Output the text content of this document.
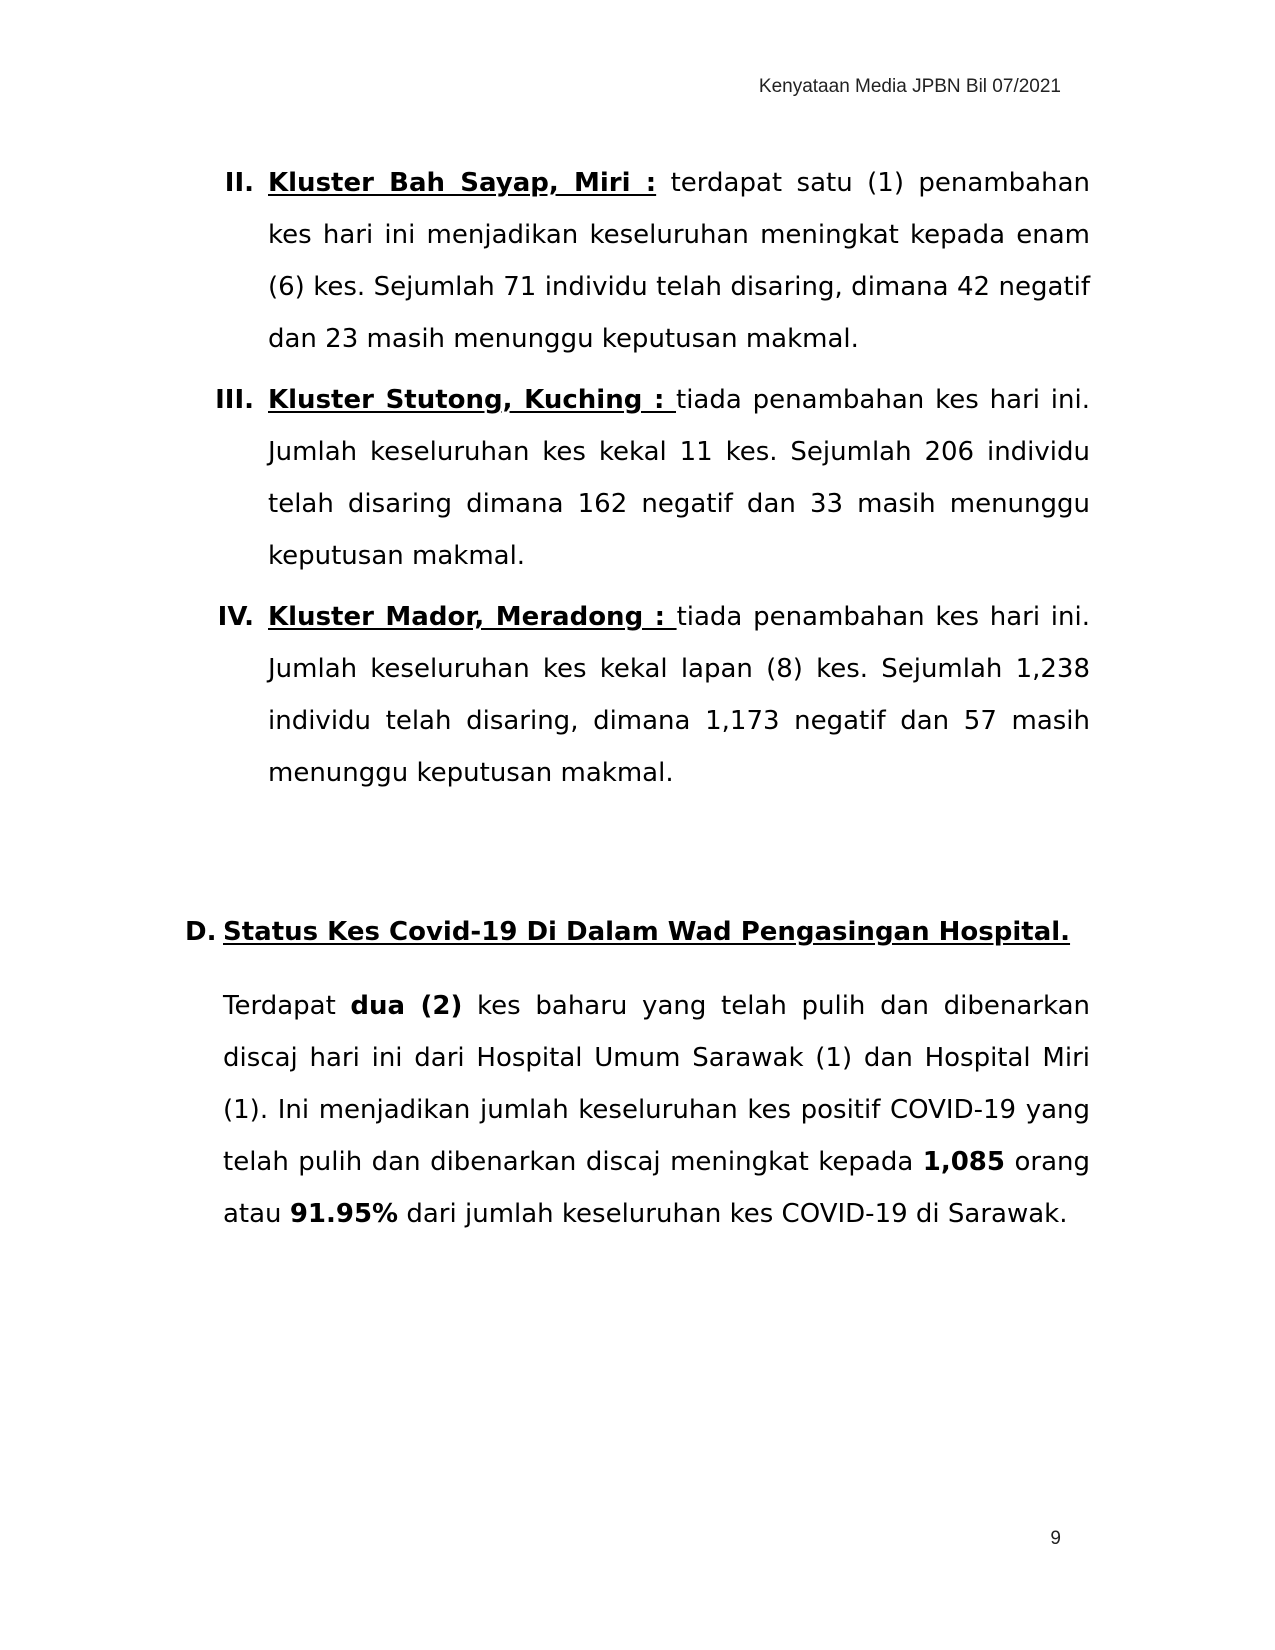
Kenyataan Media JPBN Bil 07/2021
II. Kluster Bah Sayap, Miri : terdapat satu (1) penambahan kes hari ini menjadikan keseluruhan meningkat kepada enam (6) kes. Sejumlah 71 individu telah disaring, dimana 42 negatif dan 23 masih menunggu keputusan makmal.
III. Kluster Stutong, Kuching : tiada penambahan kes hari ini. Jumlah keseluruhan kes kekal 11 kes. Sejumlah 206 individu telah disaring dimana 162 negatif dan 33 masih menunggu keputusan makmal.
IV. Kluster Mador, Meradong : tiada penambahan kes hari ini. Jumlah keseluruhan kes kekal lapan (8) kes. Sejumlah 1,238 individu telah disaring, dimana 1,173 negatif dan 57 masih menunggu keputusan makmal.
D. Status Kes Covid-19 Di Dalam Wad Pengasingan Hospital.
Terdapat dua (2) kes baharu yang telah pulih dan dibenarkan discaj hari ini dari Hospital Umum Sarawak (1) dan Hospital Miri (1). Ini menjadikan jumlah keseluruhan kes positif COVID-19 yang telah pulih dan dibenarkan discaj meningkat kepada 1,085 orang atau 91.95% dari jumlah keseluruhan kes COVID-19 di Sarawak.
9
